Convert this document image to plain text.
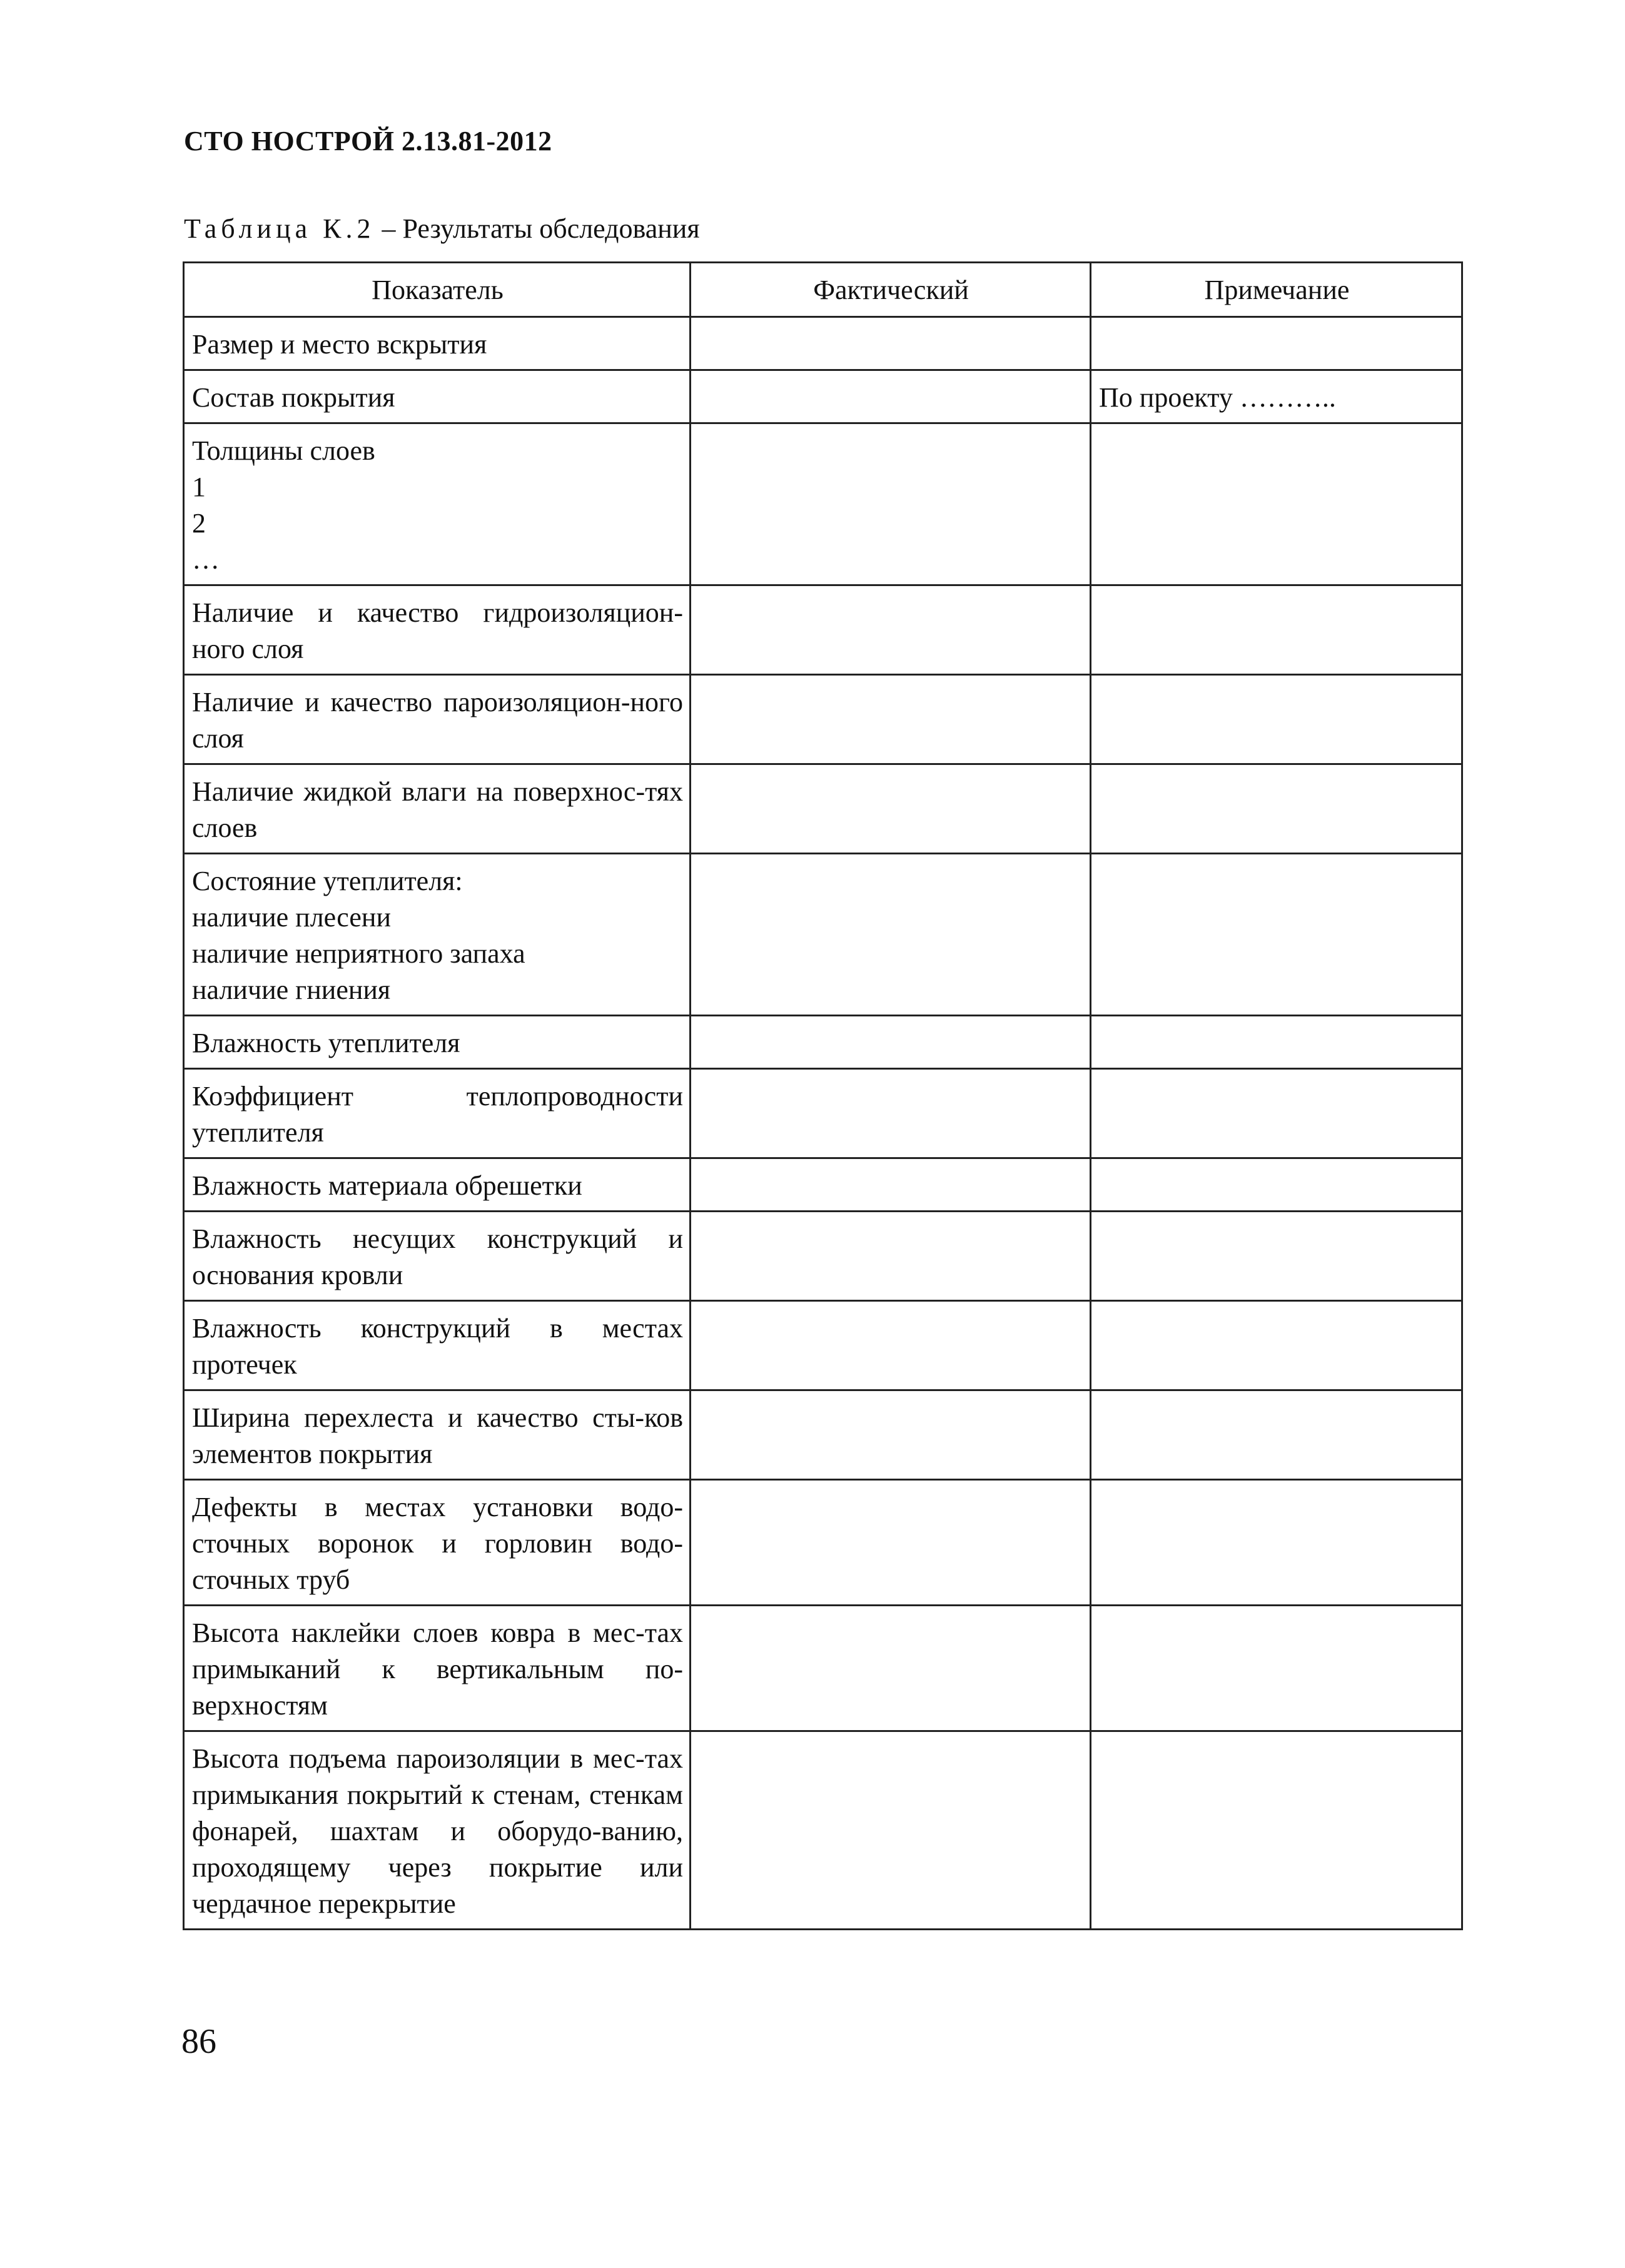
СТО НОСТРОЙ 2.13.81-2012
Таблица К.2 – Результаты обследования
Показатель	Фактический	Примечание

Размер и место вскрытия		

Состав покрытия		По проекту ………..

Толщины слоев
1
2
…		

Наличие и качество гидроизоляцион-ного слоя		

Наличие и качество пароизоляцион-ного слоя		

Наличие жидкой влаги на поверхнос-тях слоев		

Состояние утеплителя:
наличие плесени
наличие неприятного запаха
наличие гниения		

Влажность утеплителя		

Коэффициент теплопроводности утеплителя		

Влажность материала обрешетки		

Влажность несущих конструкций и основания кровли		

Влажность конструкций в местах протечек		

Ширина перехлеста и качество сты-ков элементов покрытия		

Дефекты в местах установки водо-сточных воронок и горловин водо-сточных труб		

Высота наклейки слоев ковра в мес-тах примыканий к вертикальным по-верхностям		

Высота подъема пароизоляции в мес-тах примыкания покрытий к стенам, стенкам фонарей, шахтам и оборудо-ванию, проходящему через покрытие или чердачное перекрытие		

86
